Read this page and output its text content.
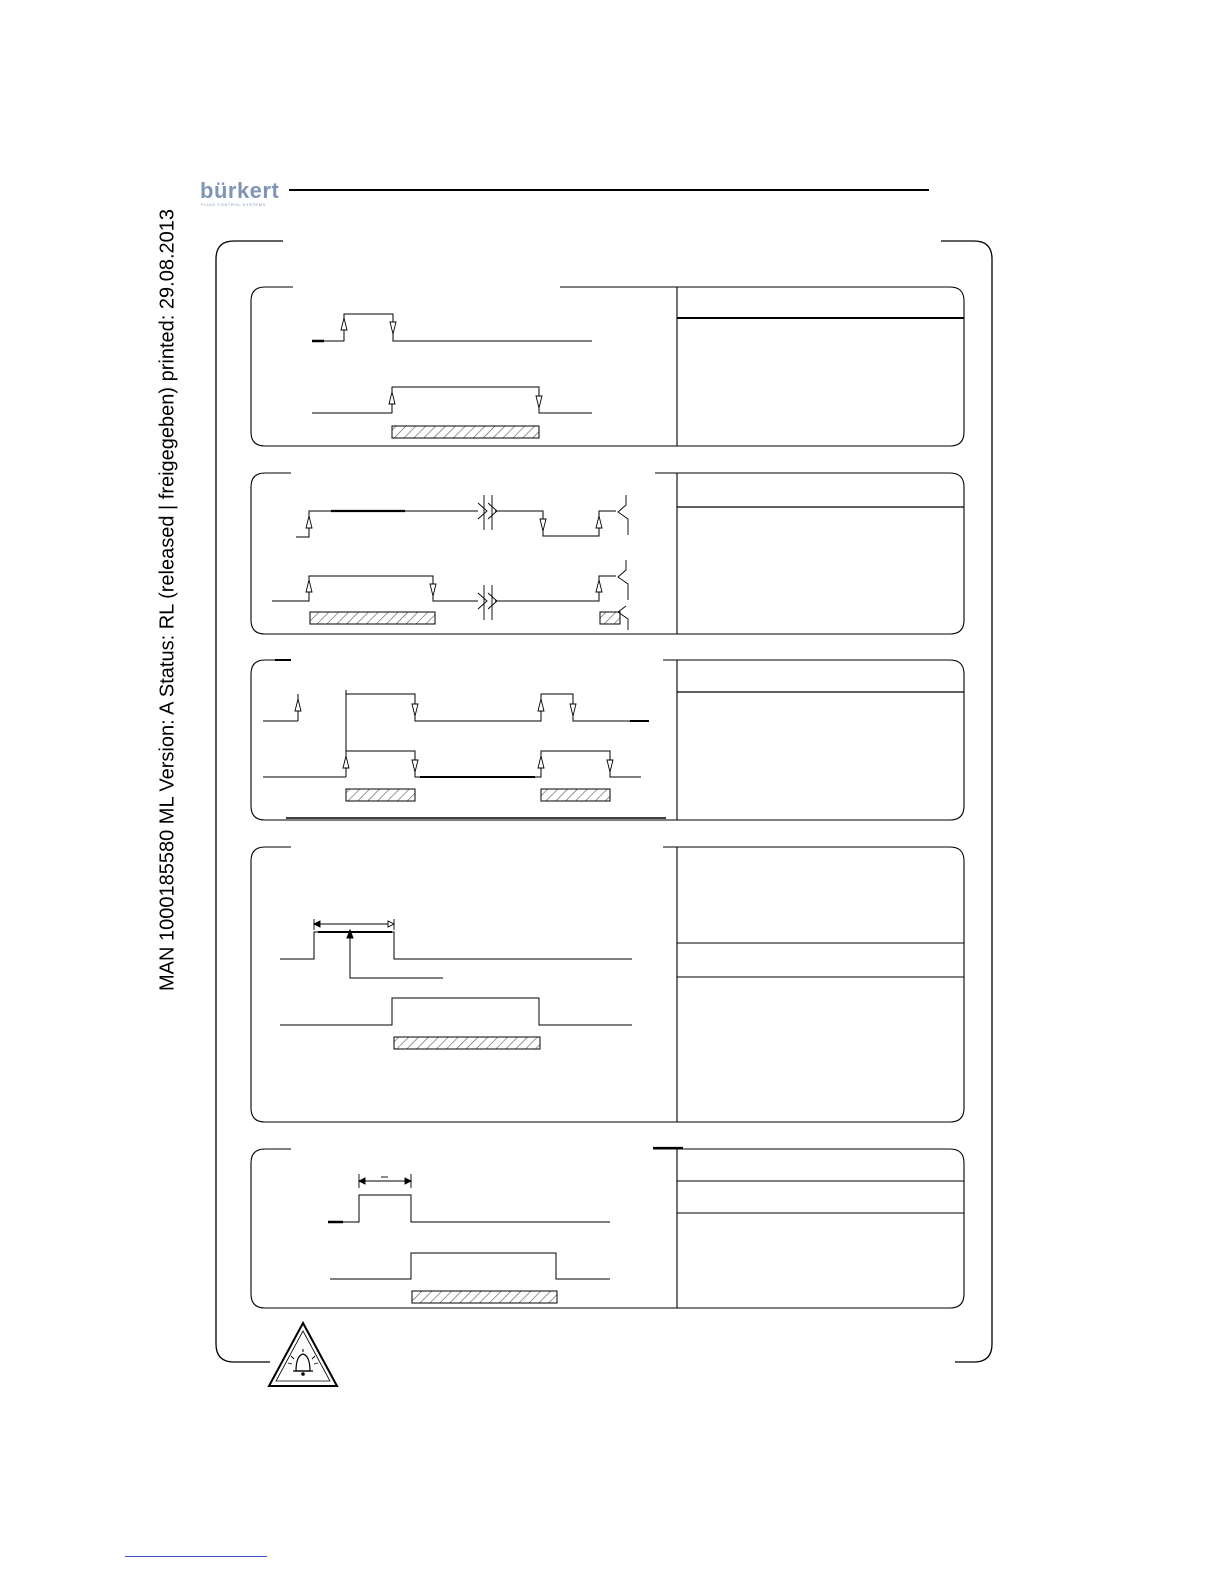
MAN 1000185580 ML Version: A Status: RL (released | freigegeben) printed: 29.08.2013
bürkert
FLUID CONTROL SYSTEMS
